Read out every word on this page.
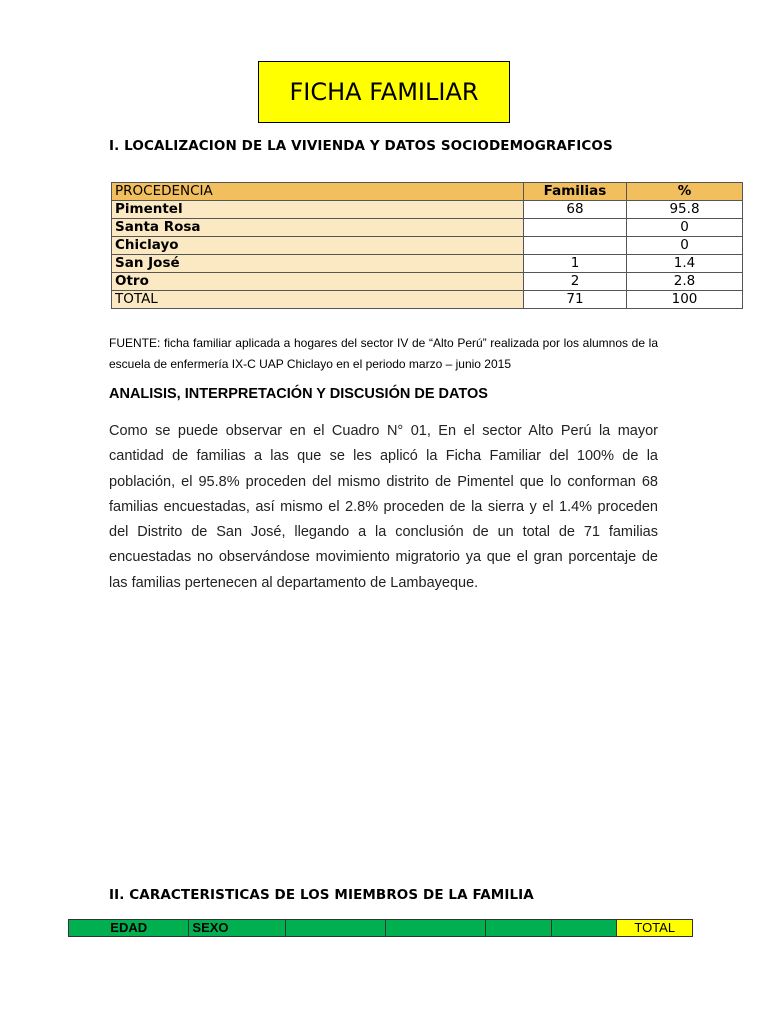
FICHA FAMILIAR
I. LOCALIZACION DE LA VIVIENDA Y DATOS SOCIODEMOGRAFICOS
PROCEDENCIA	Familias	%
Pimentel	68	95.8
Santa Rosa		0
Chiclayo		0
San José	1	1.4
Otro	2	2.8
TOTAL	71	100
FUENTE: ficha familiar aplicada a hogares del sector IV de “Alto Perú” realizada por los alumnos de la escuela de enfermería IX-C UAP Chiclayo en el periodo marzo – junio 2015
ANALISIS, INTERPRETACIÓN Y DISCUSIÓN DE DATOS
Como se puede observar en el Cuadro N° 01, En el sector Alto Perú la mayor cantidad de familias a las que se les aplicó la Ficha Familiar del 100% de la población, el 95.8% proceden del mismo distrito de Pimentel que lo conforman 68 familias encuestadas, así mismo el 2.8% proceden de la sierra y el 1.4% proceden del Distrito de San José, llegando a la conclusión de un total de 71 familias encuestadas no observándose movimiento migratorio ya que el gran porcentaje de las familias pertenecen al departamento de Lambayeque.
II. CARACTERISTICAS DE LOS MIEMBROS DE LA FAMILIA
EDAD	SEXO					TOTAL
